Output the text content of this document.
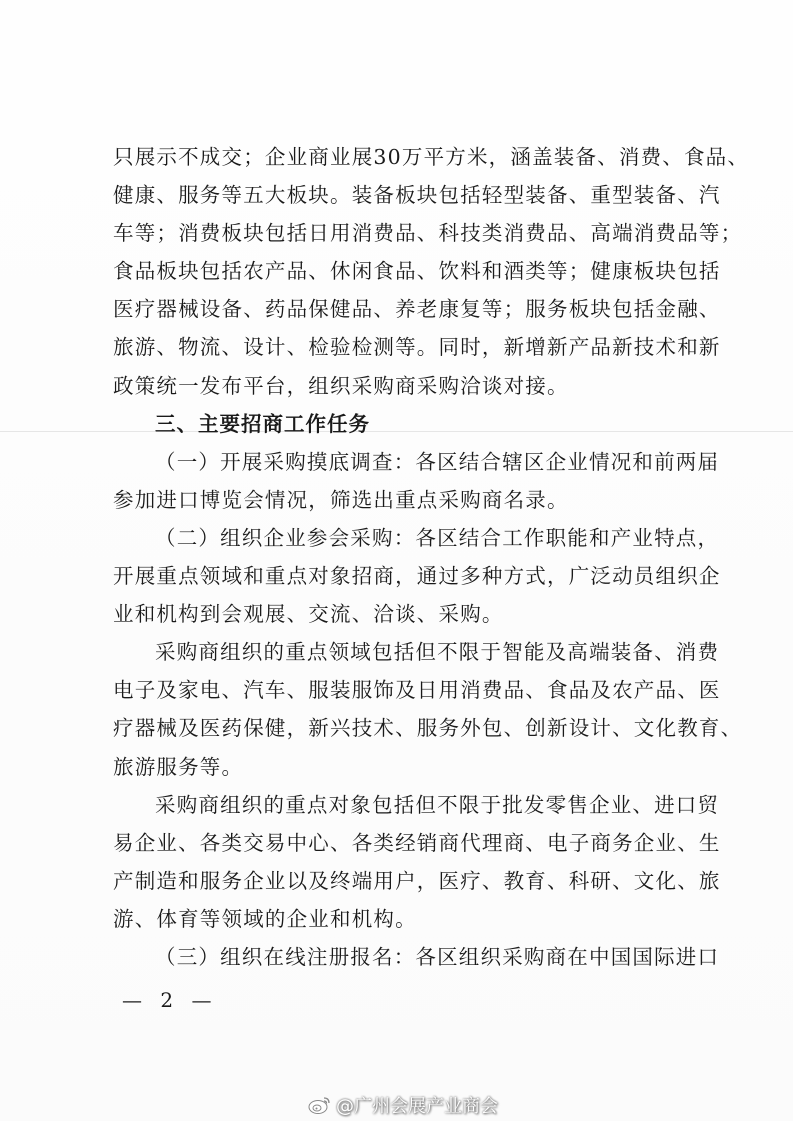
只展示不成交；企业商业展30万平方米，涵盖装备、消费、食品、
健康、服务等五大板块。装备板块包括轻型装备、重型装备、汽
车等；消费板块包括日用消费品、科技类消费品、高端消费品等；
食品板块包括农产品、休闲食品、饮料和酒类等；健康板块包括
医疗器械设备、药品保健品、养老康复等；服务板块包括金融、
旅游、物流、设计、检验检测等。同时，新增新产品新技术和新
政策统一发布平台，组织采购商采购洽谈对接。
三、主要招商工作任务
（一）开展采购摸底调查：各区结合辖区企业情况和前两届
参加进口博览会情况，筛选出重点采购商名录。
（二）组织企业参会采购：各区结合工作职能和产业特点，
开展重点领域和重点对象招商，通过多种方式，广泛动员组织企
业和机构到会观展、交流、洽谈、采购。
采购商组织的重点领域包括但不限于智能及高端装备、消费
电子及家电、汽车、服装服饰及日用消费品、食品及农产品、医
疗器械及医药保健，新兴技术、服务外包、创新设计、文化教育、
旅游服务等。
采购商组织的重点对象包括但不限于批发零售企业、进口贸
易企业、各类交易中心、各类经销商代理商、电子商务企业、生
产制造和服务企业以及终端用户，医疗、教育、科研、文化、旅
游、体育等领域的企业和机构。
（三）组织在线注册报名：各区组织采购商在中国国际进口
— 2 —
@广州会展产业商会
